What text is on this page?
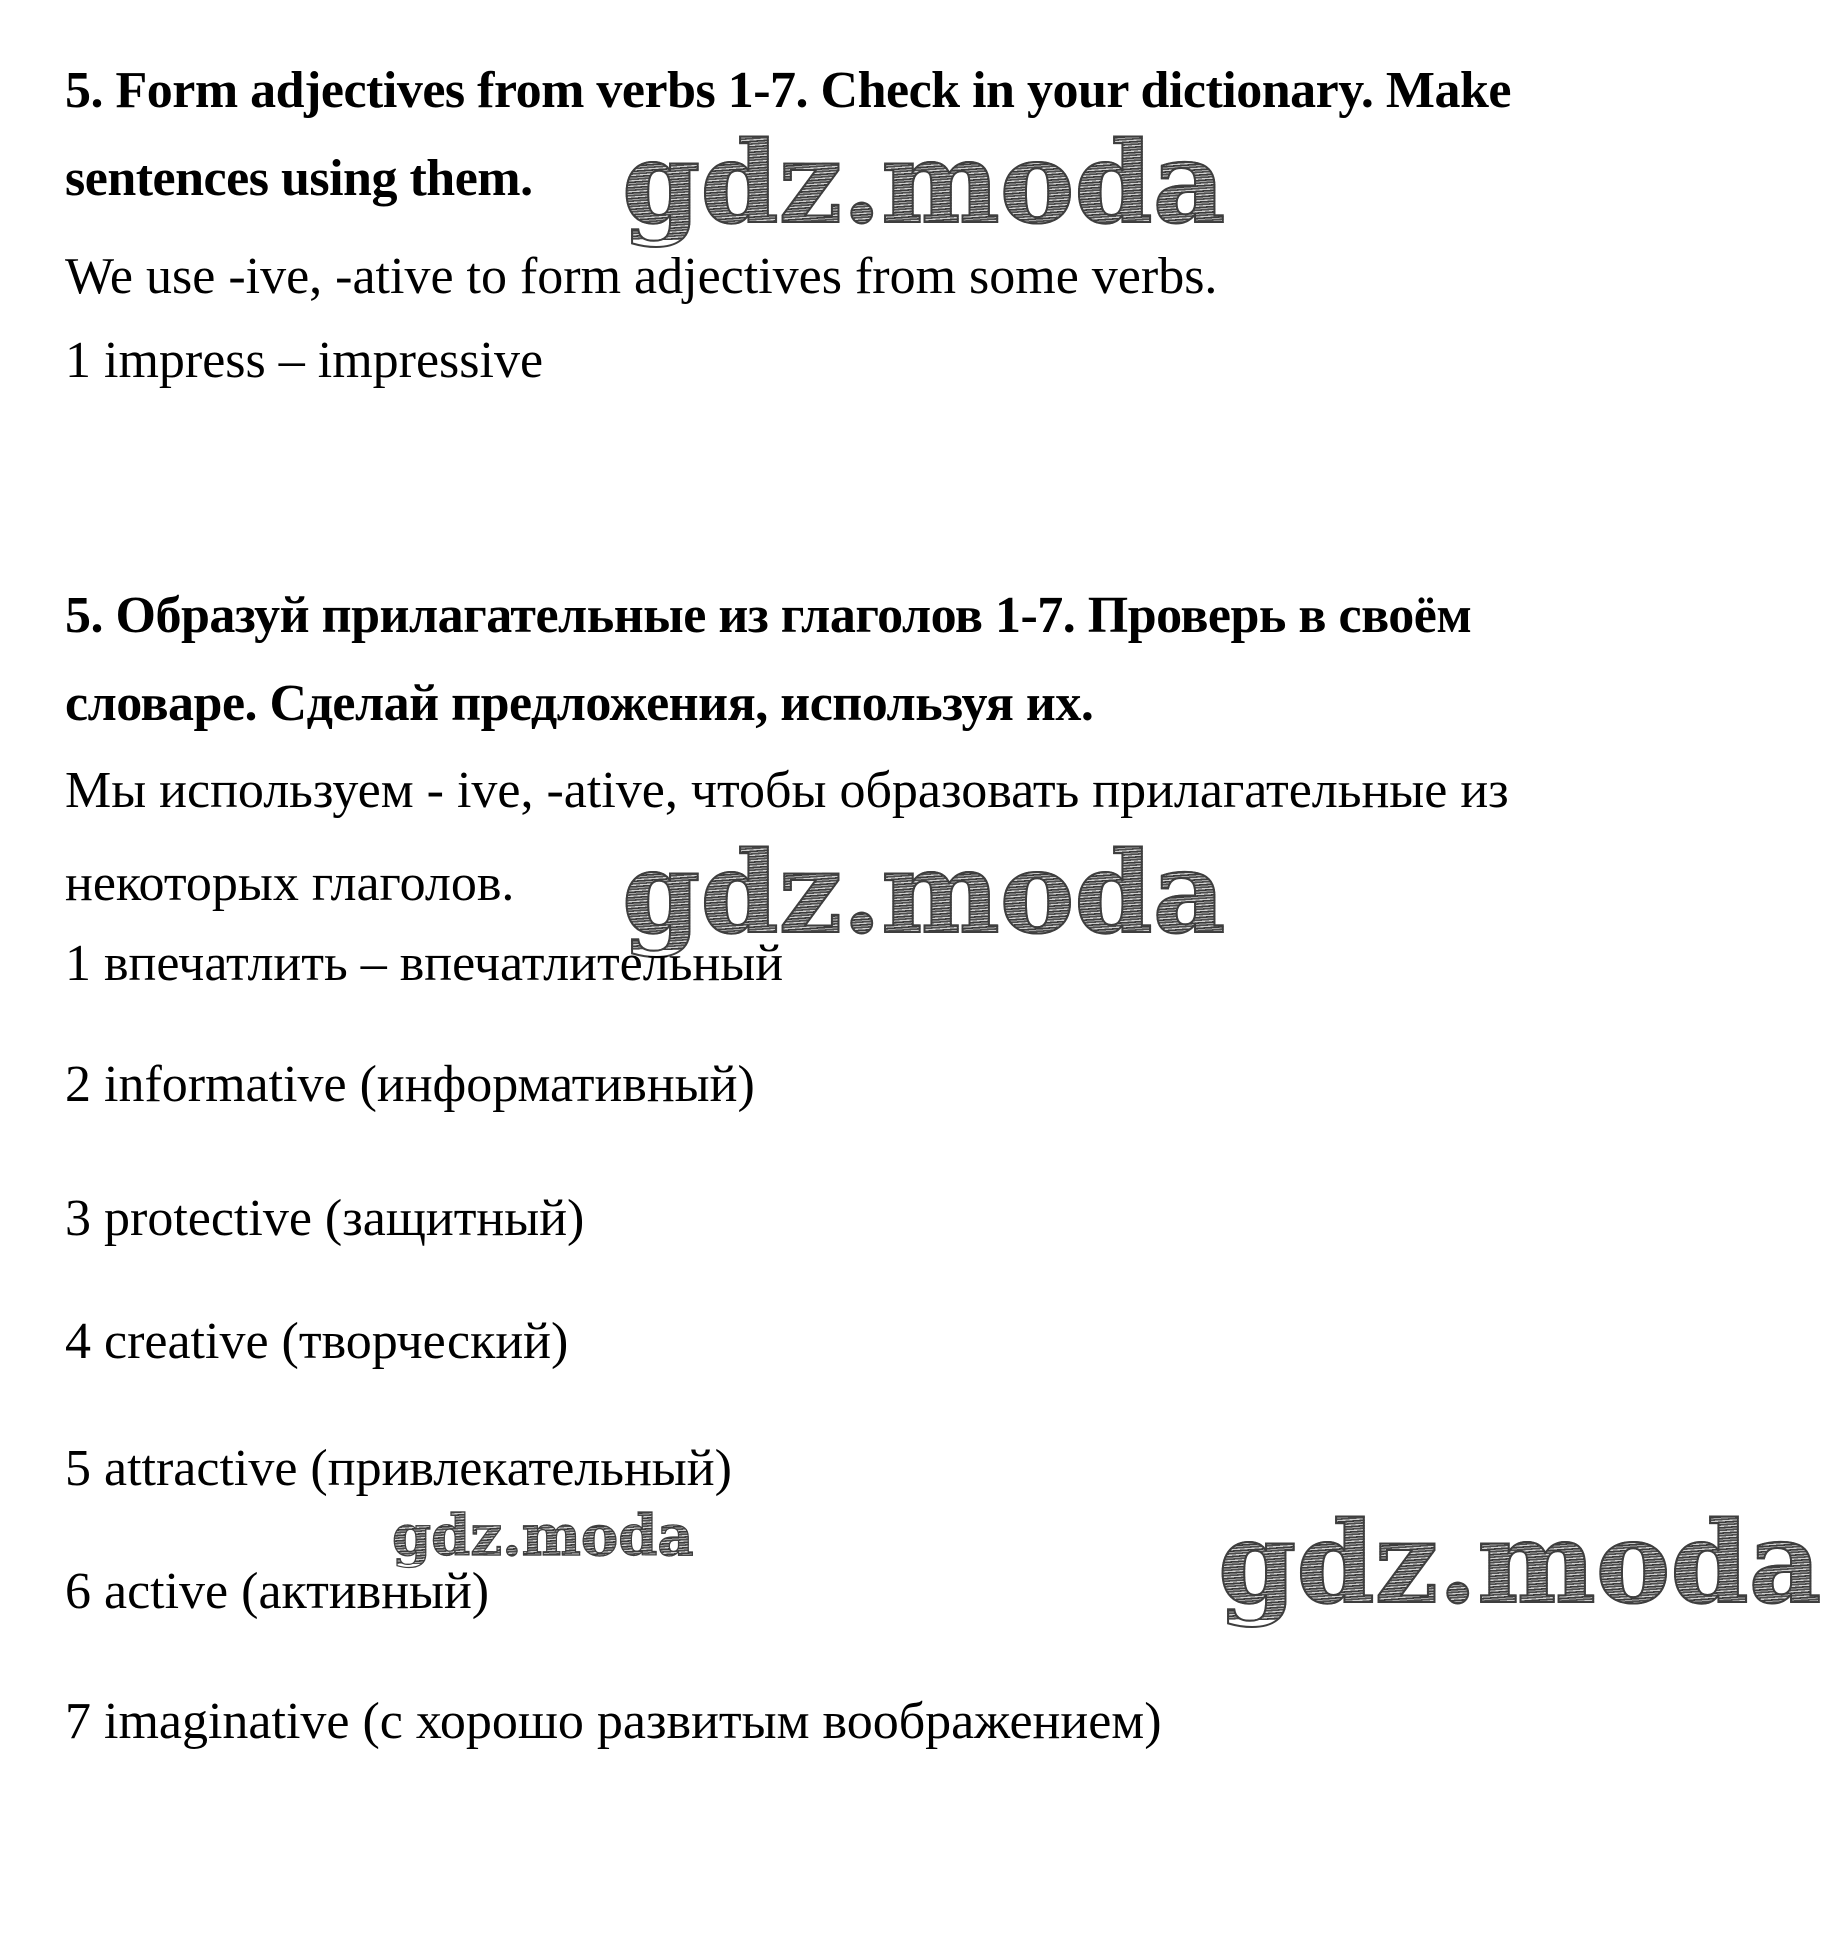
5. Form adjectives from verbs 1-7. Check in your dictionary. Make
sentences using them. gdz.moda
We use -ive, -ative to form adjectives from some verbs.
1 impress – impressive
5. Образуй прилагательные из глаголов 1-7. Проверь в своём
словаре. Сделай предложения, используя их.
Мы используем - ive, -ative, чтобы образовать прилагательные из
некоторых глаголов. gdz.moda
1 впечатлить – впечатлительный
2 informative (информативный)
3 protective (защитный)
4 creative (творческий)
5 attractive (привлекательный)
gdz.moda	gdz.moda
6 active (активный)
7 imaginative (с хорошо развитым воображением)
